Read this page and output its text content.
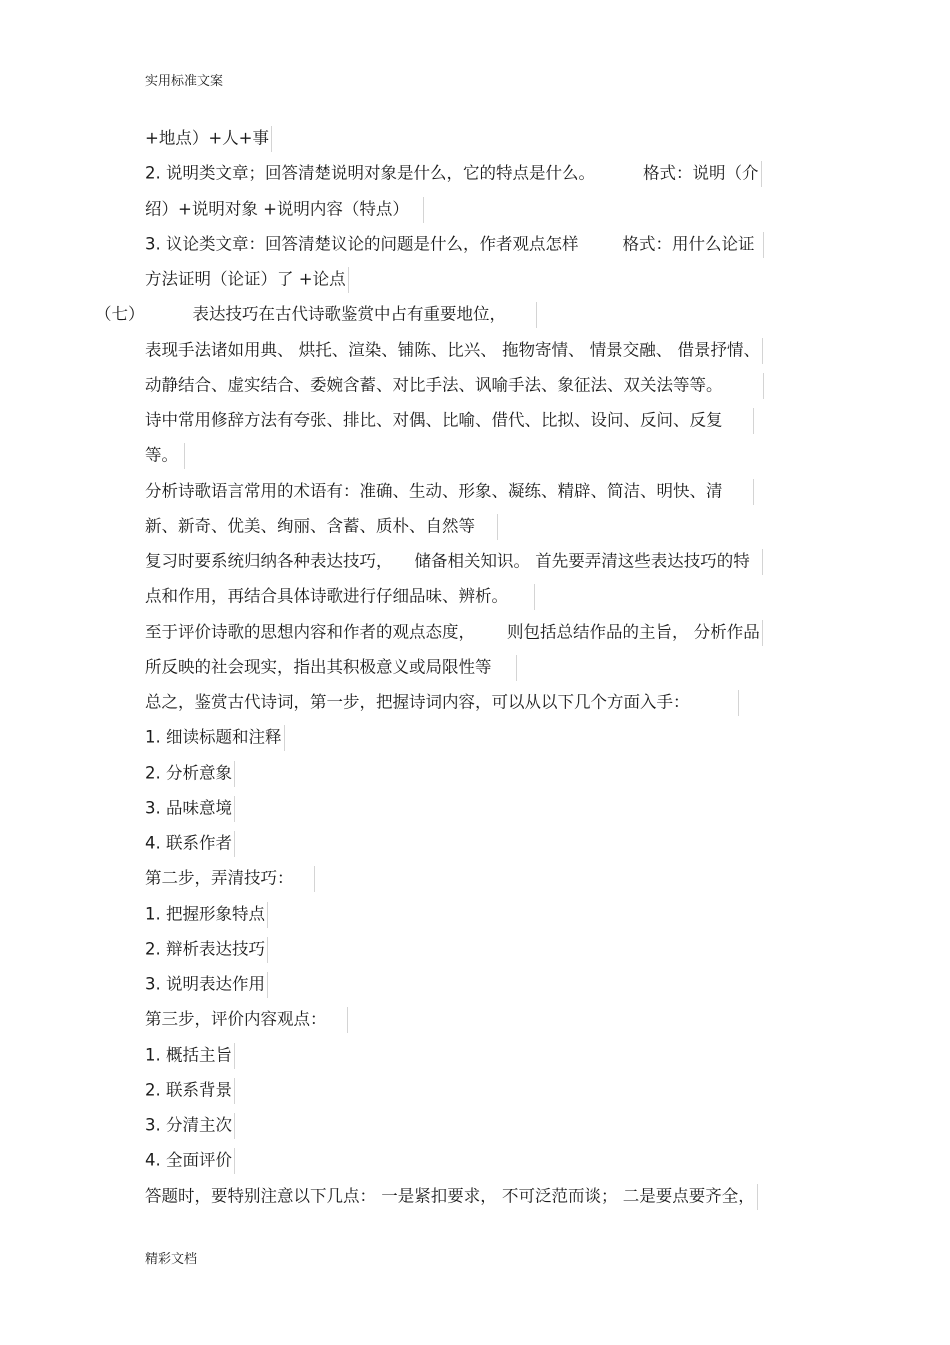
实用标准文案
+地点）+人+事
2. 说明类文章；回答清楚说明对象是什么，它的特点是什么。	格式：说明（介
绍）+说明对象 +说明内容（特点）
3. 议论类文章：回答清楚议论的问题是什么，作者观点怎样	格式：用什么论证
方法证明（论证）了 +论点
（七）	表达技巧在古代诗歌鉴赏中占有重要地位，
表现手法诸如用典、 烘托、渲染、铺陈、比兴、 拖物寄情、 情景交融、 借景抒情、
动静结合、虚实结合、委婉含蓄、对比手法、讽喻手法、象征法、双关法等等。
诗中常用修辞方法有夸张、排比、对偶、比喻、借代、比拟、设问、反问、反复
等。
分析诗歌语言常用的术语有：准确、生动、形象、凝练、精辟、简洁、明快、清
新、新奇、优美、绚丽、含蓄、质朴、自然等
复习时要系统归纳各种表达技巧， 储备相关知识。 首先要弄清这些表达技巧的特
点和作用，再结合具体诗歌进行仔细品味、辨析。
至于评价诗歌的思想内容和作者的观点态度， 则包括总结作品的主旨， 分析作品
所反映的社会现实，指出其积极意义或局限性等
总之，鉴赏古代诗词，第一步，把握诗词内容，可以从以下几个方面入手：
1. 细读标题和注释
2. 分析意象
3. 品味意境
4. 联系作者
第二步，弄清技巧：
1. 把握形象特点
2. 辩析表达技巧
3. 说明表达作用
第三步，评价内容观点：
1. 概括主旨
2. 联系背景
3. 分清主次
4. 全面评价
答题时，要特别注意以下几点： 一是紧扣要求， 不可泛范而谈； 二是要点要齐全，
精彩文档
